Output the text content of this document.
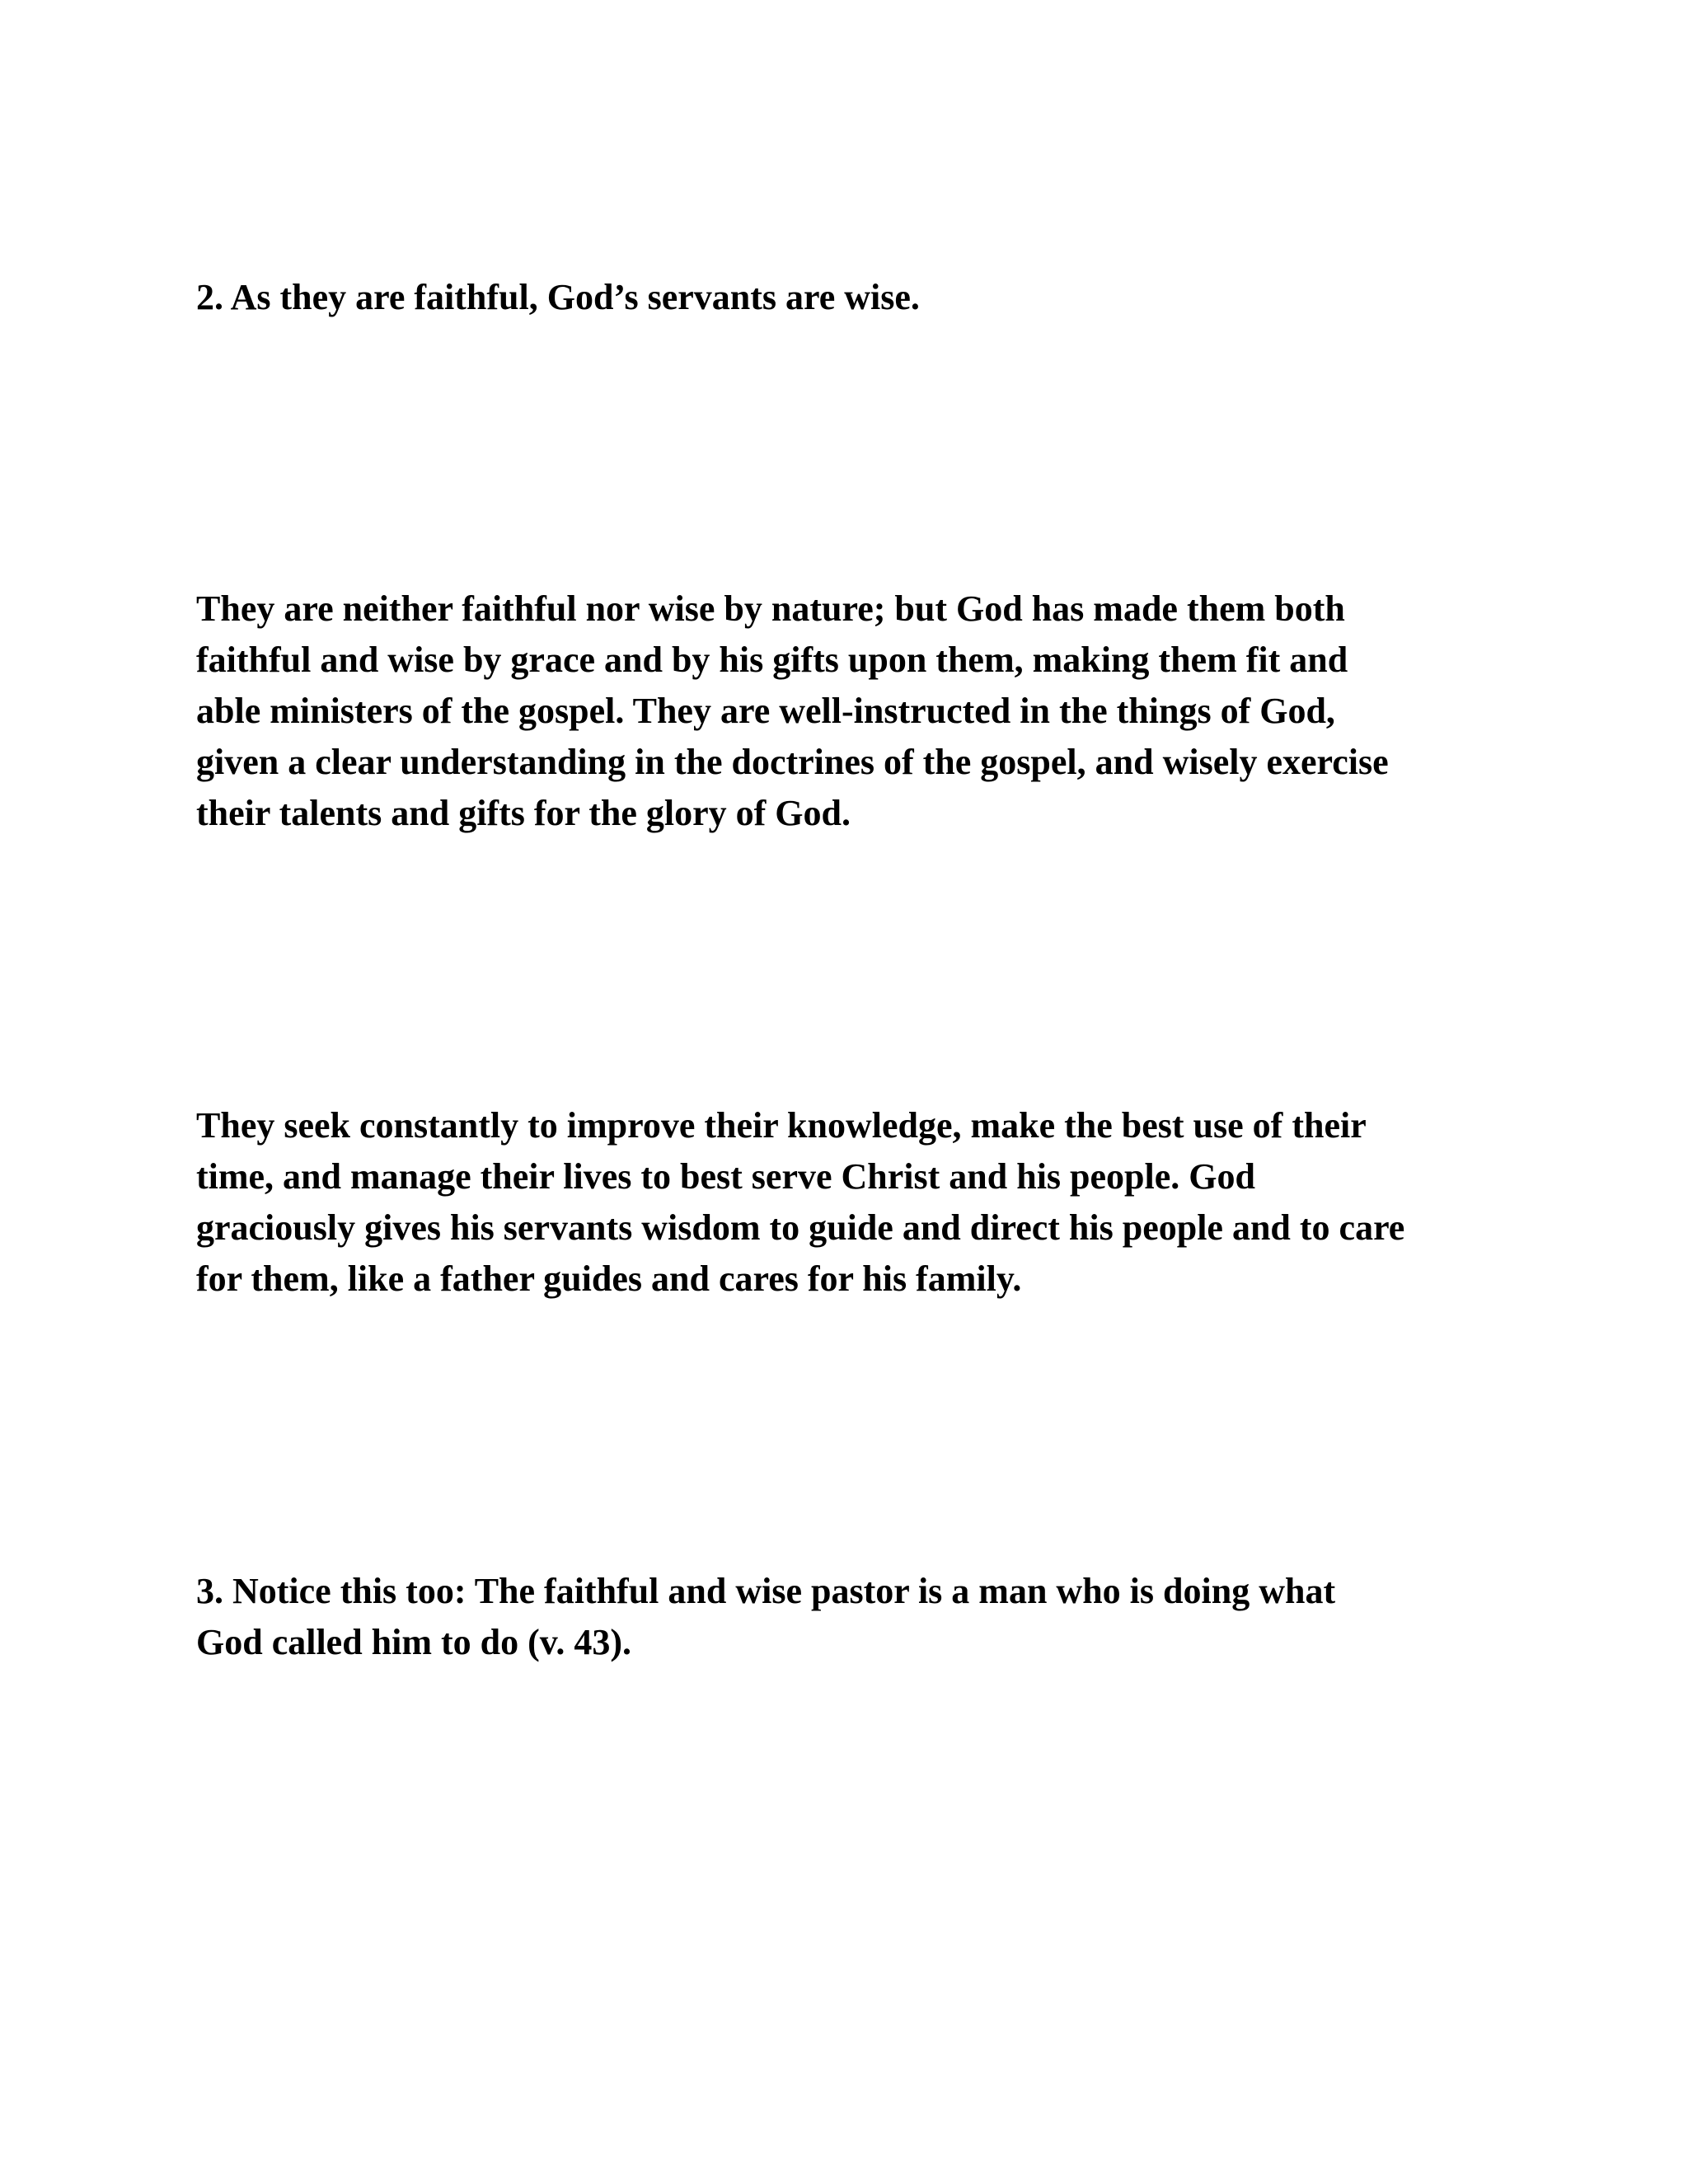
2. As they are faithful, God’s servants are wise.

They are neither faithful nor wise by nature; but God has made them both
faithful and wise by grace and by his gifts upon them, making them fit and
able ministers of the gospel. They are well-instructed in the things of God,
given a clear understanding in the doctrines of the gospel, and wisely exercise
their talents and gifts for the glory of God.

They seek constantly to improve their knowledge, make the best use of their
time, and manage their lives to best serve Christ and his people. God
graciously gives his servants wisdom to guide and direct his people and to care
for them, like a father guides and cares for his family.

3. Notice this too: The faithful and wise pastor is a man who is doing what
God called him to do (v. 43).
